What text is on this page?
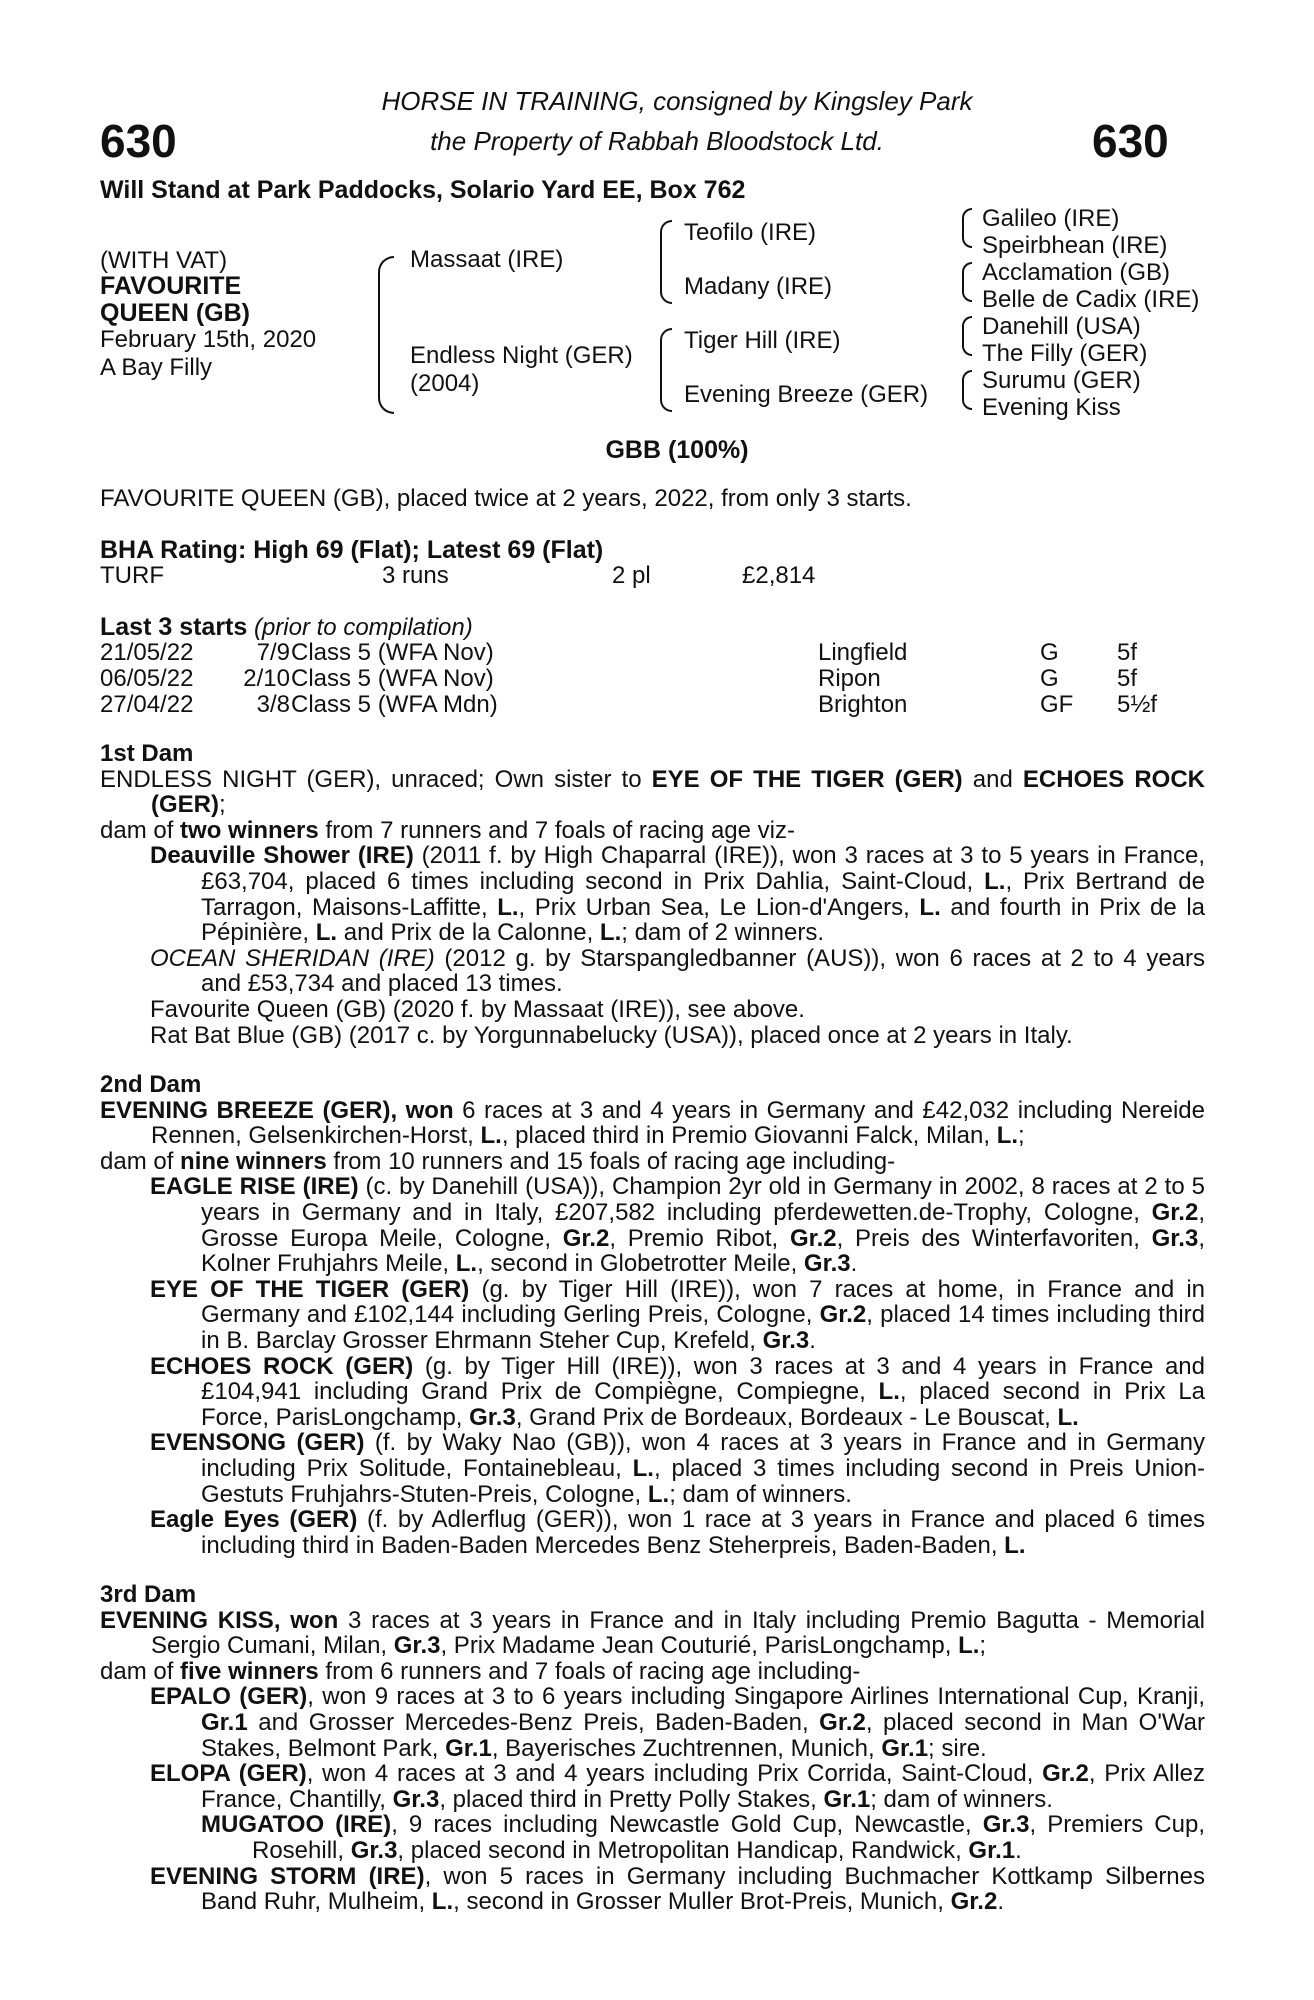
630	630
HORSE IN TRAINING, consigned by Kingsley Park
the Property of Rabbah Bloodstock Ltd.
Will Stand at Park Paddocks, Solario Yard EE, Box 762
(WITH VAT)
FAVOURITE
QUEEN (GB)
February 15th, 2020
A Bay Filly
Massaat (IRE)
Endless Night (GER)
(2004)
Teofilo (IRE)
Madany (IRE)
Tiger Hill (IRE)
Evening Breeze (GER)
Galileo (IRE)
Speirbhean (IRE)
Acclamation (GB)
Belle de Cadix (IRE)
Danehill (USA)
The Filly (GER)
Surumu (GER)
Evening Kiss
GBB (100%)
FAVOURITE QUEEN (GB), placed twice at 2 years, 2022, from only 3 starts.
BHA Rating: High 69 (Flat); Latest 69 (Flat)
TURF	3 runs	2 pl	£2,814
Last 3 starts (prior to compilation)
21/05/22	7/9 Class 5 (WFA Nov)	Lingfield	G 5f
06/05/22	2/10 Class 5 (WFA Nov)	Ripon	G 5f
27/04/22	3/8 Class 5 (WFA Mdn)	Brighton	GF 5½f
1st Dam
ENDLESS NIGHT (GER), unraced; Own sister to EYE OF THE TIGER (GER) and ECHOES ROCK (GER);
dam of two winners from 7 runners and 7 foals of racing age viz-
Deauville Shower (IRE) (2011 f. by High Chaparral (IRE)), won 3 races at 3 to 5 years in France, £63,704, placed 6 times including second in Prix Dahlia, Saint-Cloud, L., Prix Bertrand de Tarragon, Maisons-Laffitte, L., Prix Urban Sea, Le Lion-d'Angers, L. and fourth in Prix de la Pépinière, L. and Prix de la Calonne, L.; dam of 2 winners.
OCEAN SHERIDAN (IRE) (2012 g. by Starspangledbanner (AUS)), won 6 races at 2 to 4 years and £53,734 and placed 13 times.
Favourite Queen (GB) (2020 f. by Massaat (IRE)), see above.
Rat Bat Blue (GB) (2017 c. by Yorgunnabelucky (USA)), placed once at 2 years in Italy.
2nd Dam
EVENING BREEZE (GER), won 6 races at 3 and 4 years in Germany and £42,032 including Nereide Rennen, Gelsenkirchen-Horst, L., placed third in Premio Giovanni Falck, Milan, L.;
dam of nine winners from 10 runners and 15 foals of racing age including-
EAGLE RISE (IRE) (c. by Danehill (USA)), Champion 2yr old in Germany in 2002, 8 races at 2 to 5 years in Germany and in Italy, £207,582 including pferdewetten.de-Trophy, Cologne, Gr.2, Grosse Europa Meile, Cologne, Gr.2, Premio Ribot, Gr.2, Preis des Winterfavoriten, Gr.3, Kolner Fruhjahrs Meile, L., second in Globetrotter Meile, Gr.3.
EYE OF THE TIGER (GER) (g. by Tiger Hill (IRE)), won 7 races at home, in France and in Germany and £102,144 including Gerling Preis, Cologne, Gr.2, placed 14 times including third in B. Barclay Grosser Ehrmann Steher Cup, Krefeld, Gr.3.
ECHOES ROCK (GER) (g. by Tiger Hill (IRE)), won 3 races at 3 and 4 years in France and £104,941 including Grand Prix de Compiègne, Compiegne, L., placed second in Prix La Force, ParisLongchamp, Gr.3, Grand Prix de Bordeaux, Bordeaux - Le Bouscat, L.
EVENSONG (GER) (f. by Waky Nao (GB)), won 4 races at 3 years in France and in Germany including Prix Solitude, Fontainebleau, L., placed 3 times including second in Preis Union-Gestuts Fruhjahrs-Stuten-Preis, Cologne, L.; dam of winners.
Eagle Eyes (GER) (f. by Adlerflug (GER)), won 1 race at 3 years in France and placed 6 times including third in Baden-Baden Mercedes Benz Steherpreis, Baden-Baden, L.
3rd Dam
EVENING KISS, won 3 races at 3 years in France and in Italy including Premio Bagutta - Memorial Sergio Cumani, Milan, Gr.3, Prix Madame Jean Couturié, ParisLongchamp, L.;
dam of five winners from 6 runners and 7 foals of racing age including-
EPALO (GER), won 9 races at 3 to 6 years including Singapore Airlines International Cup, Kranji, Gr.1 and Grosser Mercedes-Benz Preis, Baden-Baden, Gr.2, placed second in Man O'War Stakes, Belmont Park, Gr.1, Bayerisches Zuchtrennen, Munich, Gr.1; sire.
ELOPA (GER), won 4 races at 3 and 4 years including Prix Corrida, Saint-Cloud, Gr.2, Prix Allez France, Chantilly, Gr.3, placed third in Pretty Polly Stakes, Gr.1; dam of winners.
MUGATOO (IRE), 9 races including Newcastle Gold Cup, Newcastle, Gr.3, Premiers Cup, Rosehill, Gr.3, placed second in Metropolitan Handicap, Randwick, Gr.1.
EVENING STORM (IRE), won 5 races in Germany including Buchmacher Kottkamp Silbernes Band Ruhr, Mulheim, L., second in Grosser Muller Brot-Preis, Munich, Gr.2.
